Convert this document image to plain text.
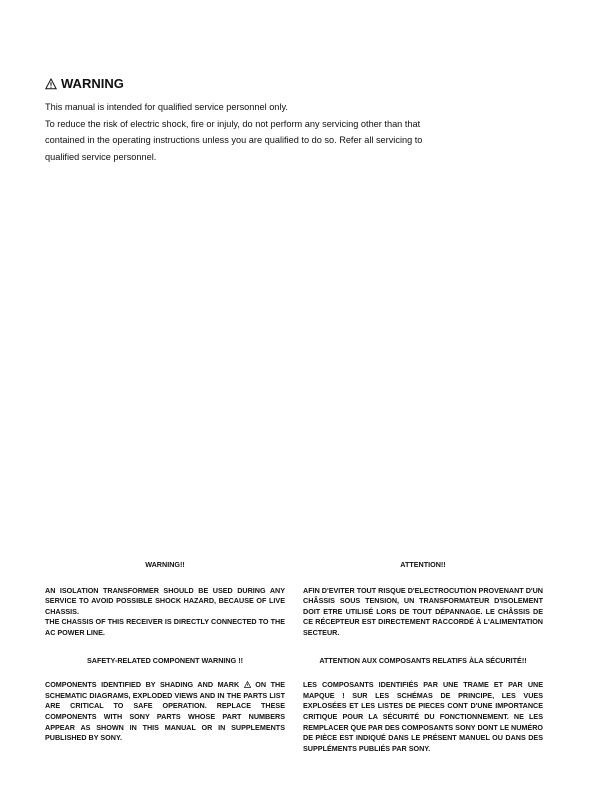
WARNING

This manual is intended for qualified service personnel only.

To reduce the risk of electric shock, fire or injuly, do not perform any servicing other than that

contained in the operating instructions unless you are qualified to do so. Refer all servicing to

qualified service personnel.

WARNING!!

AN ISOLATION TRANSFORMER SHOULD BE USED DURING ANY SERVICE TO AVOID POSSIBLE SHOCK HAZARD, BECAUSE OF LIVE CHASSIS.

THE CHASSIS OF THIS RECEIVER IS DIRECTLY CONNECTED TO THE AC POWER LINE.

SAFETY-RELATED COMPONENT WARNING !!

COMPONENTS IDENTIFIED BY SHADING AND MARK  ON THE SCHEMATIC DIAGRAMS, EXPLODED VIEWS AND IN THE PARTS LIST ARE CRITICAL TO SAFE OPERATION. REPLACE THESE COMPONENTS WITH SONY PARTS WHOSE PART NUMBERS APPEAR AS SHOWN IN THIS MANUAL OR IN SUPPLEMENTS PUBLISHED BY SONY.

ATTENTION!!

AFIN D'EVITER TOUT RISQUE D'ELECTROCUTION PROVENANT D'UN CHÂSSIS SOUS TENSION, UN TRANSFORMATEUR D'ISOLEMENT DOIT ETRE UTILISÉ LORS DE TOUT DÉPANNAGE. LE CHÂSSIS DE CE RÉCEPTEUR EST DIRECTEMENT RACCORDÉ À L'ALIMENTATION SECTEUR.

ATTENTION AUX COMPOSANTS RELATIFS ÀLA SÉCURITÉ!!

LES COMPOSANTS IDENTIFIÉS PAR UNE TRAME ET PAR UNE MAPQUE ! SUR LES SCHÉMAS DE PRINCIPE, LES VUES EXPLOSÉES ET LES LISTES DE PIECES CONT D'UNE IMPORTANCE CRITIQUE POUR LA SÉCURITÉ DU FONCTIONNEMENT. NE LES REMPLACER QUE PAR DES COMPOSANTS SONY DONT LE NUMÉRO DE PIÈCE EST INDIQUÉ DANS LE PRÉSENT MANUEL OU DANS DES SUPPLÉMENTS PUBLIÉS PAR SONY.
